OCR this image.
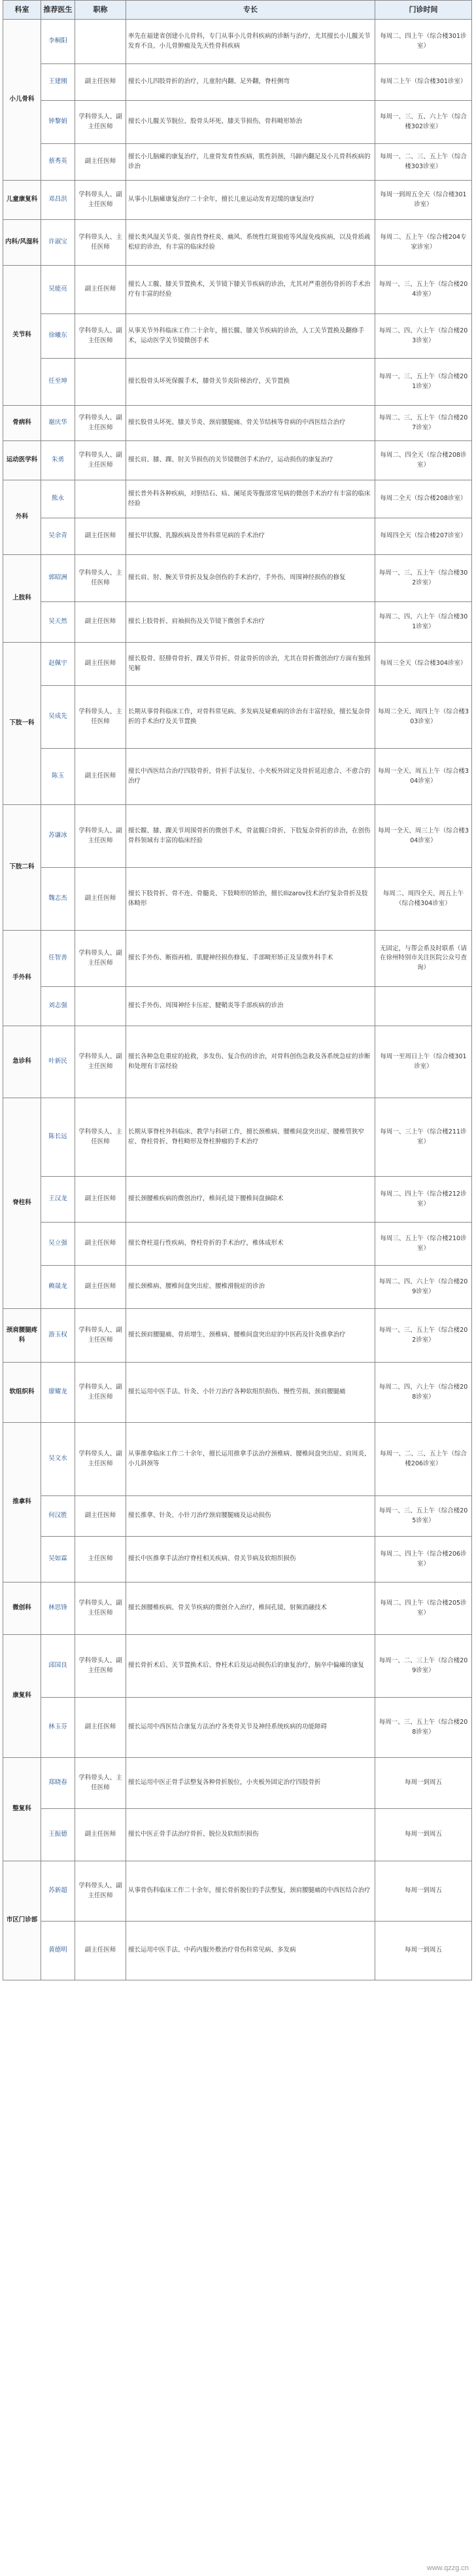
科室	推荐医生	职称	专长	门诊时间
小儿骨科	李桐阳		率先在福建省创建小儿骨科，专门从事小儿骨科疾病的诊断与治疗，尤其擅长小儿髋关节发育不良、小儿骨肿瘤及先天性骨科疾病	每周二、四上午（综合楼301诊室）
	王建刚	副主任医师	擅长小儿四肢骨折的治疗，儿童肘内翻、足外翻，脊柱侧弯	每周二上午（综合楼301诊室）
	钟黎娟	学科带头人、副主任医师	擅长小儿髋关节脱位、股骨头坏死、膝关节损伤，骨科畸形矫治	每周一、三、五、六上午（综合楼302诊室）
	蔡秀英	副主任医师	擅长小儿脑瘫的康复治疗，儿童骨发育性疾病，肌性斜颈，马蹄内翻足及小儿骨科疾病的诊治	每周一、二、三、五上午（综合楼303诊室）
儿童康复科	邓昌洪	学科带头人、副主任医师	从事小儿脑瘫康复治疗二十余年，擅长儿童运动发育迟缓的康复治疗	每周一到周五全天（综合楼301诊室）
内科/风湿科	许淑宝	学科带头人、主任医师	擅长类风湿关节炎、强直性脊柱炎、痛风、系统性红斑狼疮等风湿免疫疾病，以及骨质疏松症的诊治，有丰富的临床经验	每周二、五上午（综合楼204专家诊室）
关节科	吴能亮	副主任医师	擅长人工髋、膝关节置换术，关节镜下膝关节疾病的诊治，尤其对严重创伤骨折的手术治疗有丰富的经验	每周一、三、五上午（综合楼204诊室）
	徐曦东	学科带头人、副主任医师	从事关节外科临床工作二十余年，擅长髋、膝关节疾病的诊治，人工关节置换及翻修手术，运动医学关节镜微创手术	每周二、四、六上午（综合楼203诊室）
	任至坤		擅长股骨头坏死保髋手术，膝骨关节炎阶梯治疗，关节置换	每周一、三、五上午（综合楼201诊室）
骨病科	谢庆华	学科带头人、副主任医师	擅长股骨头坏死、膝关节炎、颈肩腰腿痛、骨关节结核等骨病的中西医结合治疗	每周二、三、五上午（综合楼207诊室）
运动医学科	朱勇	学科带头人、副主任医师	擅长肩、膝、踝、肘关节损伤的关节镜微创手术治疗，运动损伤的康复治疗	每周二、四全天（综合楼208诊室）
外科	熊永		擅长普外科各种疾病，对胆结石、疝、阑尾炎等腹部常见病的微创手术治疗有丰富的临床经验	每周二全天（综合楼208诊室）
	吴余青	副主任医师	擅长甲状腺、乳腺疾病及普外科常见病的手术治疗	每周四全天（综合楼207诊室）
上肢科	郭昭洲	学科带头人、主任医师	擅长肩、肘、腕关节骨折及复杂创伤的手术治疗，手外伤、周围神经损伤的修复	每周一、三、五上午（综合楼302诊室）
	吴天然	副主任医师	擅长上肢骨折、肩袖损伤及关节镜下微创手术治疗	每周二、四、六上午（综合楼301诊室）
下肢一科	赵佩宇	副主任医师	擅长股骨、胫腓骨骨折、踝关节骨折、骨盆骨折的诊治，尤其在骨折微创治疗方面有独到见解	每周三全天（综合楼304诊室）
	吴成先	学科带头人、主任医师	长期从事骨科临床工作，对骨科常见病、多发病及疑难病的诊治有丰富经验，擅长复杂骨折的手术治疗及关节置换	每周二全天、周四上午（综合楼303诊室）
	陈玉	副主任医师	擅长中西医结合治疗四肢骨折，骨折手法复位、小夹板外固定及骨折延迟愈合、不愈合的治疗	每周一全天、周五上午（综合楼304诊室）
下肢二科	苏谦冰	学科带头人、副主任医师	擅长髋、膝、踝关节周围骨折的微创手术，骨盆髋臼骨折、下肢复杂骨折的诊治，在创伤骨科领域有丰富的临床经验	每周一全天、周三上午（综合楼304诊室）
	魏志杰	副主任医师	擅长下肢骨折、骨不连、骨髓炎、下肢畸形的矫治，擅长Ilizarov技术治疗复杂骨折及肢体畸形	每周二、周四全天、周五上午（综合楼304诊室）
手外科	任智善	学科带头人、副主任医师	擅长手外伤、断指再植、肌腱神经损伤修复、手部畸形矫正及显微外科手术	无固定，与帮会系及时联系（请在徐州特别市关注医院公众号查询）
	刘志强		擅长手外伤、周围神经卡压症、腱鞘炎等手部疾病的诊治	
急诊科	叶新民	学科带头人、副主任医师	擅长各种急危重症的抢救，多发伤、复合伤的诊治，对骨科创伤急救及各系统急症的诊断和处理有丰富经验	每周一至周日上午（综合楼301诊室）
脊柱科	陈长远	学科带头人、主任医师	长期从事脊柱外科临床、教学与科研工作，擅长颈椎病、腰椎间盘突出症、腰椎管狭窄症、脊柱骨折、脊柱畸形及脊柱肿瘤的手术治疗	每周一、三上午（综合楼211诊室）
	王汉龙	副主任医师	擅长颈腰椎疾病的微创治疗，椎间孔镜下腰椎间盘摘除术	每周二、四上午（综合楼212诊室）
	吴立强	副主任医师	擅长脊柱退行性疾病、脊柱骨折的手术治疗，椎体成形术	每周三、五上午（综合楼210诊室）
	赖晟龙	副主任医师	擅长颈椎病、腰椎间盘突出症、腰椎滑脱症的诊治	每周二、四、六上午（综合楼209诊室）
颈肩腰腿疼科	游玉权	学科带头人、副主任医师	擅长颈肩腰腿痛、骨质增生、颈椎病、腰椎间盘突出症的中医药及针灸推拿治疗	每周一、三、五上午（综合楼202诊室）
软组织科	廖耀龙	学科带头人、副主任医师	擅长运用中医手法、针灸、小针刀治疗各种软组织损伤、慢性劳损、颈肩腰腿痛	每周二、四、六上午（综合楼208诊室）
推拿科	吴文水	学科带头人、副主任医师	从事推拿临床工作二十余年，擅长运用推拿手法治疗颈椎病、腰椎间盘突出症、肩周炎、小儿斜颈等	每周一、二、三、五上午（综合楼206诊室）
	何汉胜	副主任医师	擅长推拿、针灸、小针刀治疗颈肩腰腿痛及运动损伤	每周一、三、五上午（综合楼205诊室）
	吴如霖	主任医师	擅长中医推拿手法治疗脊柱相关疾病、骨关节病及软组织损伤	每周二、四上午（综合楼206诊室）
微创科	林思锋	学科带头人、副主任医师	擅长颈腰椎疾病、骨关节疾病的微创介入治疗，椎间孔镜、射频消融技术	每周二、四上午（综合楼205诊室）
康复科	邱国良	学科带头人、副主任医师	擅长骨折术后、关节置换术后、脊柱术后及运动损伤后的康复治疗，脑卒中偏瘫的康复	每周一、二、三上午（综合楼209诊室）
	林玉芬	副主任医师	擅长运用中西医结合康复方法治疗各类骨关节及神经系统疾病的功能障碍	每周一、三、五上午（综合楼208诊室）
整复科	郑晓春	学科带头人、主任医师	擅长运用中医正骨手法整复各种骨折脱位，小夹板外固定治疗四肢骨折	每周一到周五
	王振德	副主任医师	擅长中医正骨手法治疗骨折、脱位及软组织损伤	每周一到周五
市区门诊部	苏新超	学科带头人、副主任医师	从事骨伤科临床工作二十余年，擅长骨折脱位的手法整复，颈肩腰腿痛的中西医结合治疗	每周一到周五
	黄德明	副主任医师	擅长运用中医手法、中药内服外敷治疗骨伤科常见病、多发病	每周一到周五
www.qzzg.cn
